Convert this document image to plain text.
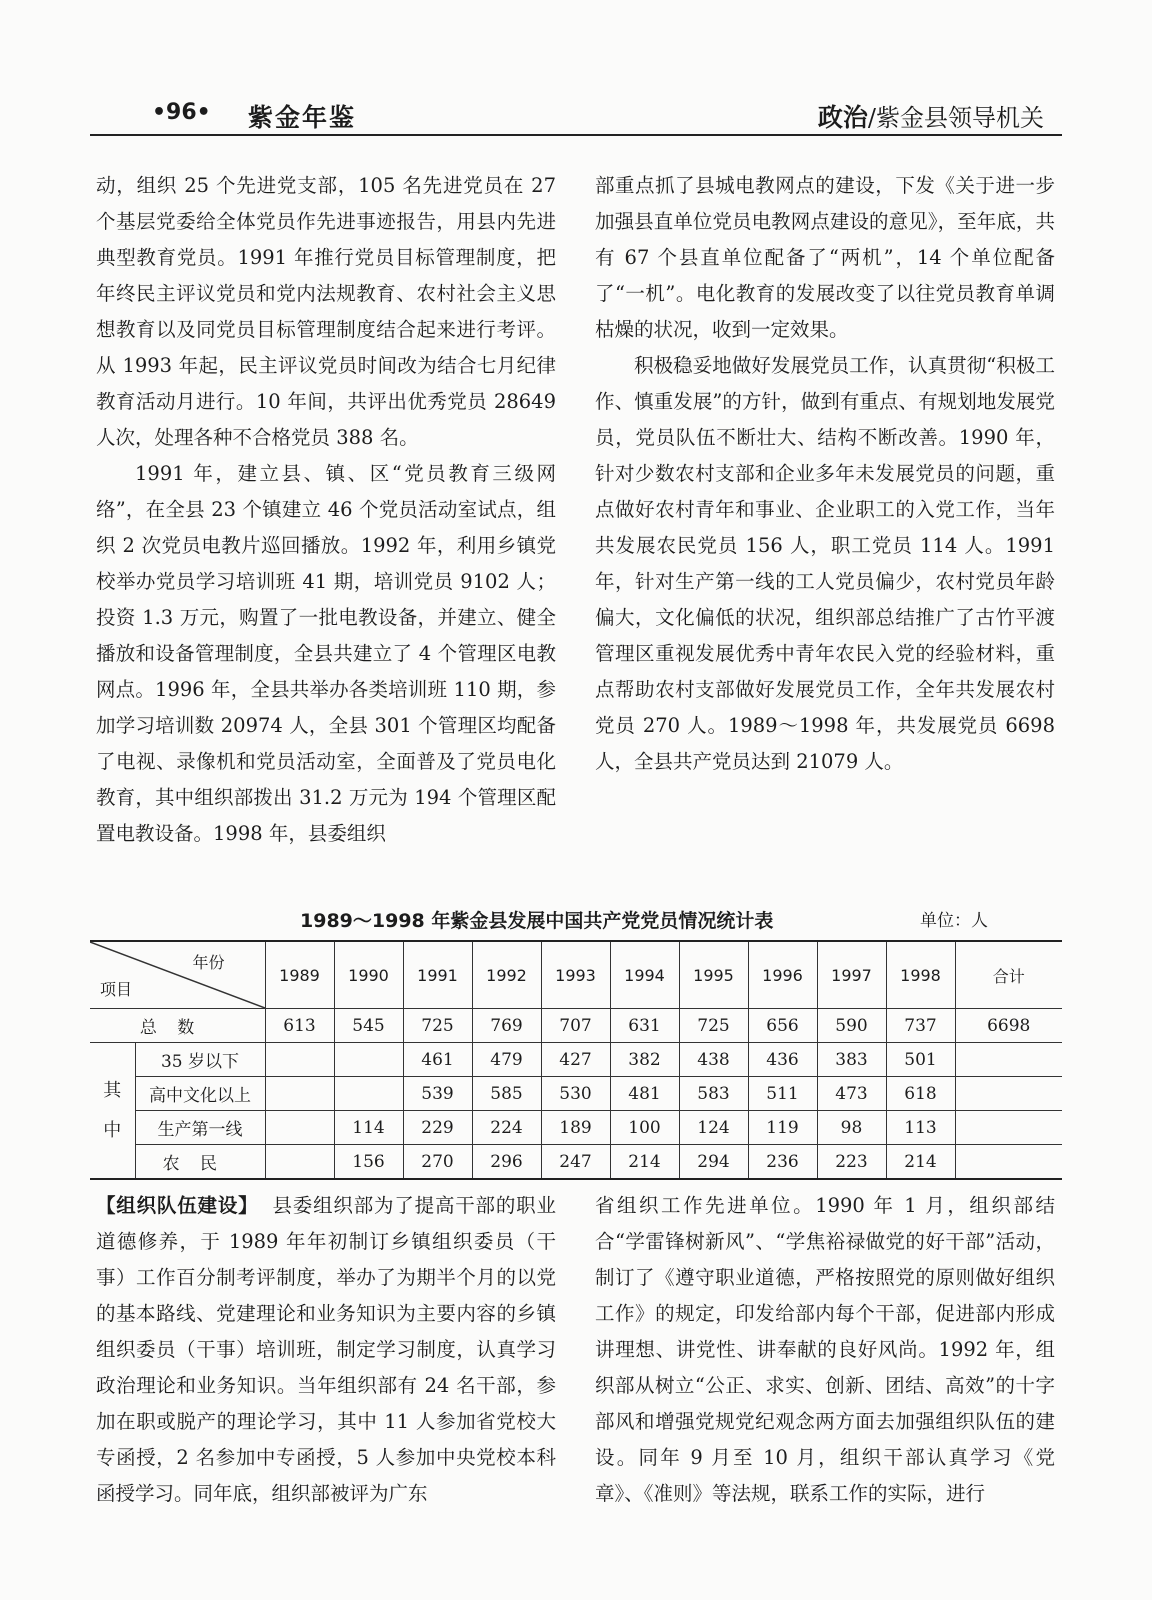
•96• 紫金年鉴	政治/紫金县领导机关

动，组织 25 个先进党支部，105 名先进党员在 27 个基层党委给全体党员作先进事迹报告，用县内先进典型教育党员。1991 年推行党员目标管理制度，把年终民主评议党员和党内法规教育、农村社会主义思想教育以及同党员目标管理制度结合起来进行考评。从 1993 年起，民主评议党员时间改为结合七月纪律教育活动月进行。10 年间，共评出优秀党员 28649 人次，处理各种不合格党员 388 名。

1991 年，建立县、镇、区“党员教育三级网络”，在全县 23 个镇建立 46 个党员活动室试点，组织 2 次党员电教片巡回播放。1992 年，利用乡镇党校举办党员学习培训班 41 期，培训党员 9102 人；投资 1.3 万元，购置了一批电教设备，并建立、健全播放和设备管理制度，全县共建立了 4 个管理区电教网点。1996 年，全县共举办各类培训班 110 期，参加学习培训数 20974 人，全县 301 个管理区均配备了电视、录像机和党员活动室，全面普及了党员电化教育，其中组织部拨出 31.2 万元为 194 个管理区配置电教设备。1998 年，县委组织

部重点抓了县城电教网点的建设，下发《关于进一步加强县直单位党员电教网点建设的意见》，至年底，共有 67 个县直单位配备了“两机”，14 个单位配备了“一机”。电化教育的发展改变了以往党员教育单调枯燥的状况，收到一定效果。

积极稳妥地做好发展党员工作，认真贯彻“积极工作、慎重发展”的方针，做到有重点、有规划地发展党员，党员队伍不断壮大、结构不断改善。1990 年，针对少数农村支部和企业多年未发展党员的问题，重点做好农村青年和事业、企业职工的入党工作，当年共发展农民党员 156 人，职工党员 114 人。1991 年，针对生产第一线的工人党员偏少，农村党员年龄偏大，文化偏低的状况，组织部总结推广了古竹平渡管理区重视发展优秀中青年农民入党的经验材料，重点帮助农村支部做好发展党员工作，全年共发展农村党员 270 人。1989～1998 年，共发展党员 6698 人，全县共产党员达到 21079 人。

1989～1998 年紫金县发展中国共产党党员情况统计表	单位：人
年份
项目		1989	1990	1991	1992	1993	1994	1995	1996	1997	1998	合计
总数		613	545	725	769	707	631	725	656	590	737	6698
其中	35 岁以下			461	479	427	382	438	436	383	501	
	高中文化以上			539	585	530	481	583	511	473	618	
	生产第一线		114	229	224	189	100	124	119	98	113	
	农民		156	270	296	247	214	294	236	223	214	

【组织队伍建设】 县委组织部为了提高干部的职业道德修养，于 1989 年年初制订乡镇组织委员（干事）工作百分制考评制度，举办了为期半个月的以党的基本路线、党建理论和业务知识为主要内容的乡镇组织委员（干事）培训班，制定学习制度，认真学习政治理论和业务知识。当年组织部有 24 名干部，参加在职或脱产的理论学习，其中 11 人参加省党校大专函授，2 名参加中专函授，5 人参加中央党校本科函授学习。同年底，组织部被评为广东

省组织工作先进单位。1990 年 1 月，组织部结合“学雷锋树新风”、“学焦裕禄做党的好干部”活动，制订了《遵守职业道德，严格按照党的原则做好组织工作》的规定，印发给部内每个干部，促进部内形成讲理想、讲党性、讲奉献的良好风尚。1992 年，组织部从树立“公正、求实、创新、团结、高效”的十字部风和增强党规党纪观念两方面去加强组织队伍的建设。同年 9 月至 10 月，组织干部认真学习《党章》、《准则》等法规，联系工作的实际，进行
